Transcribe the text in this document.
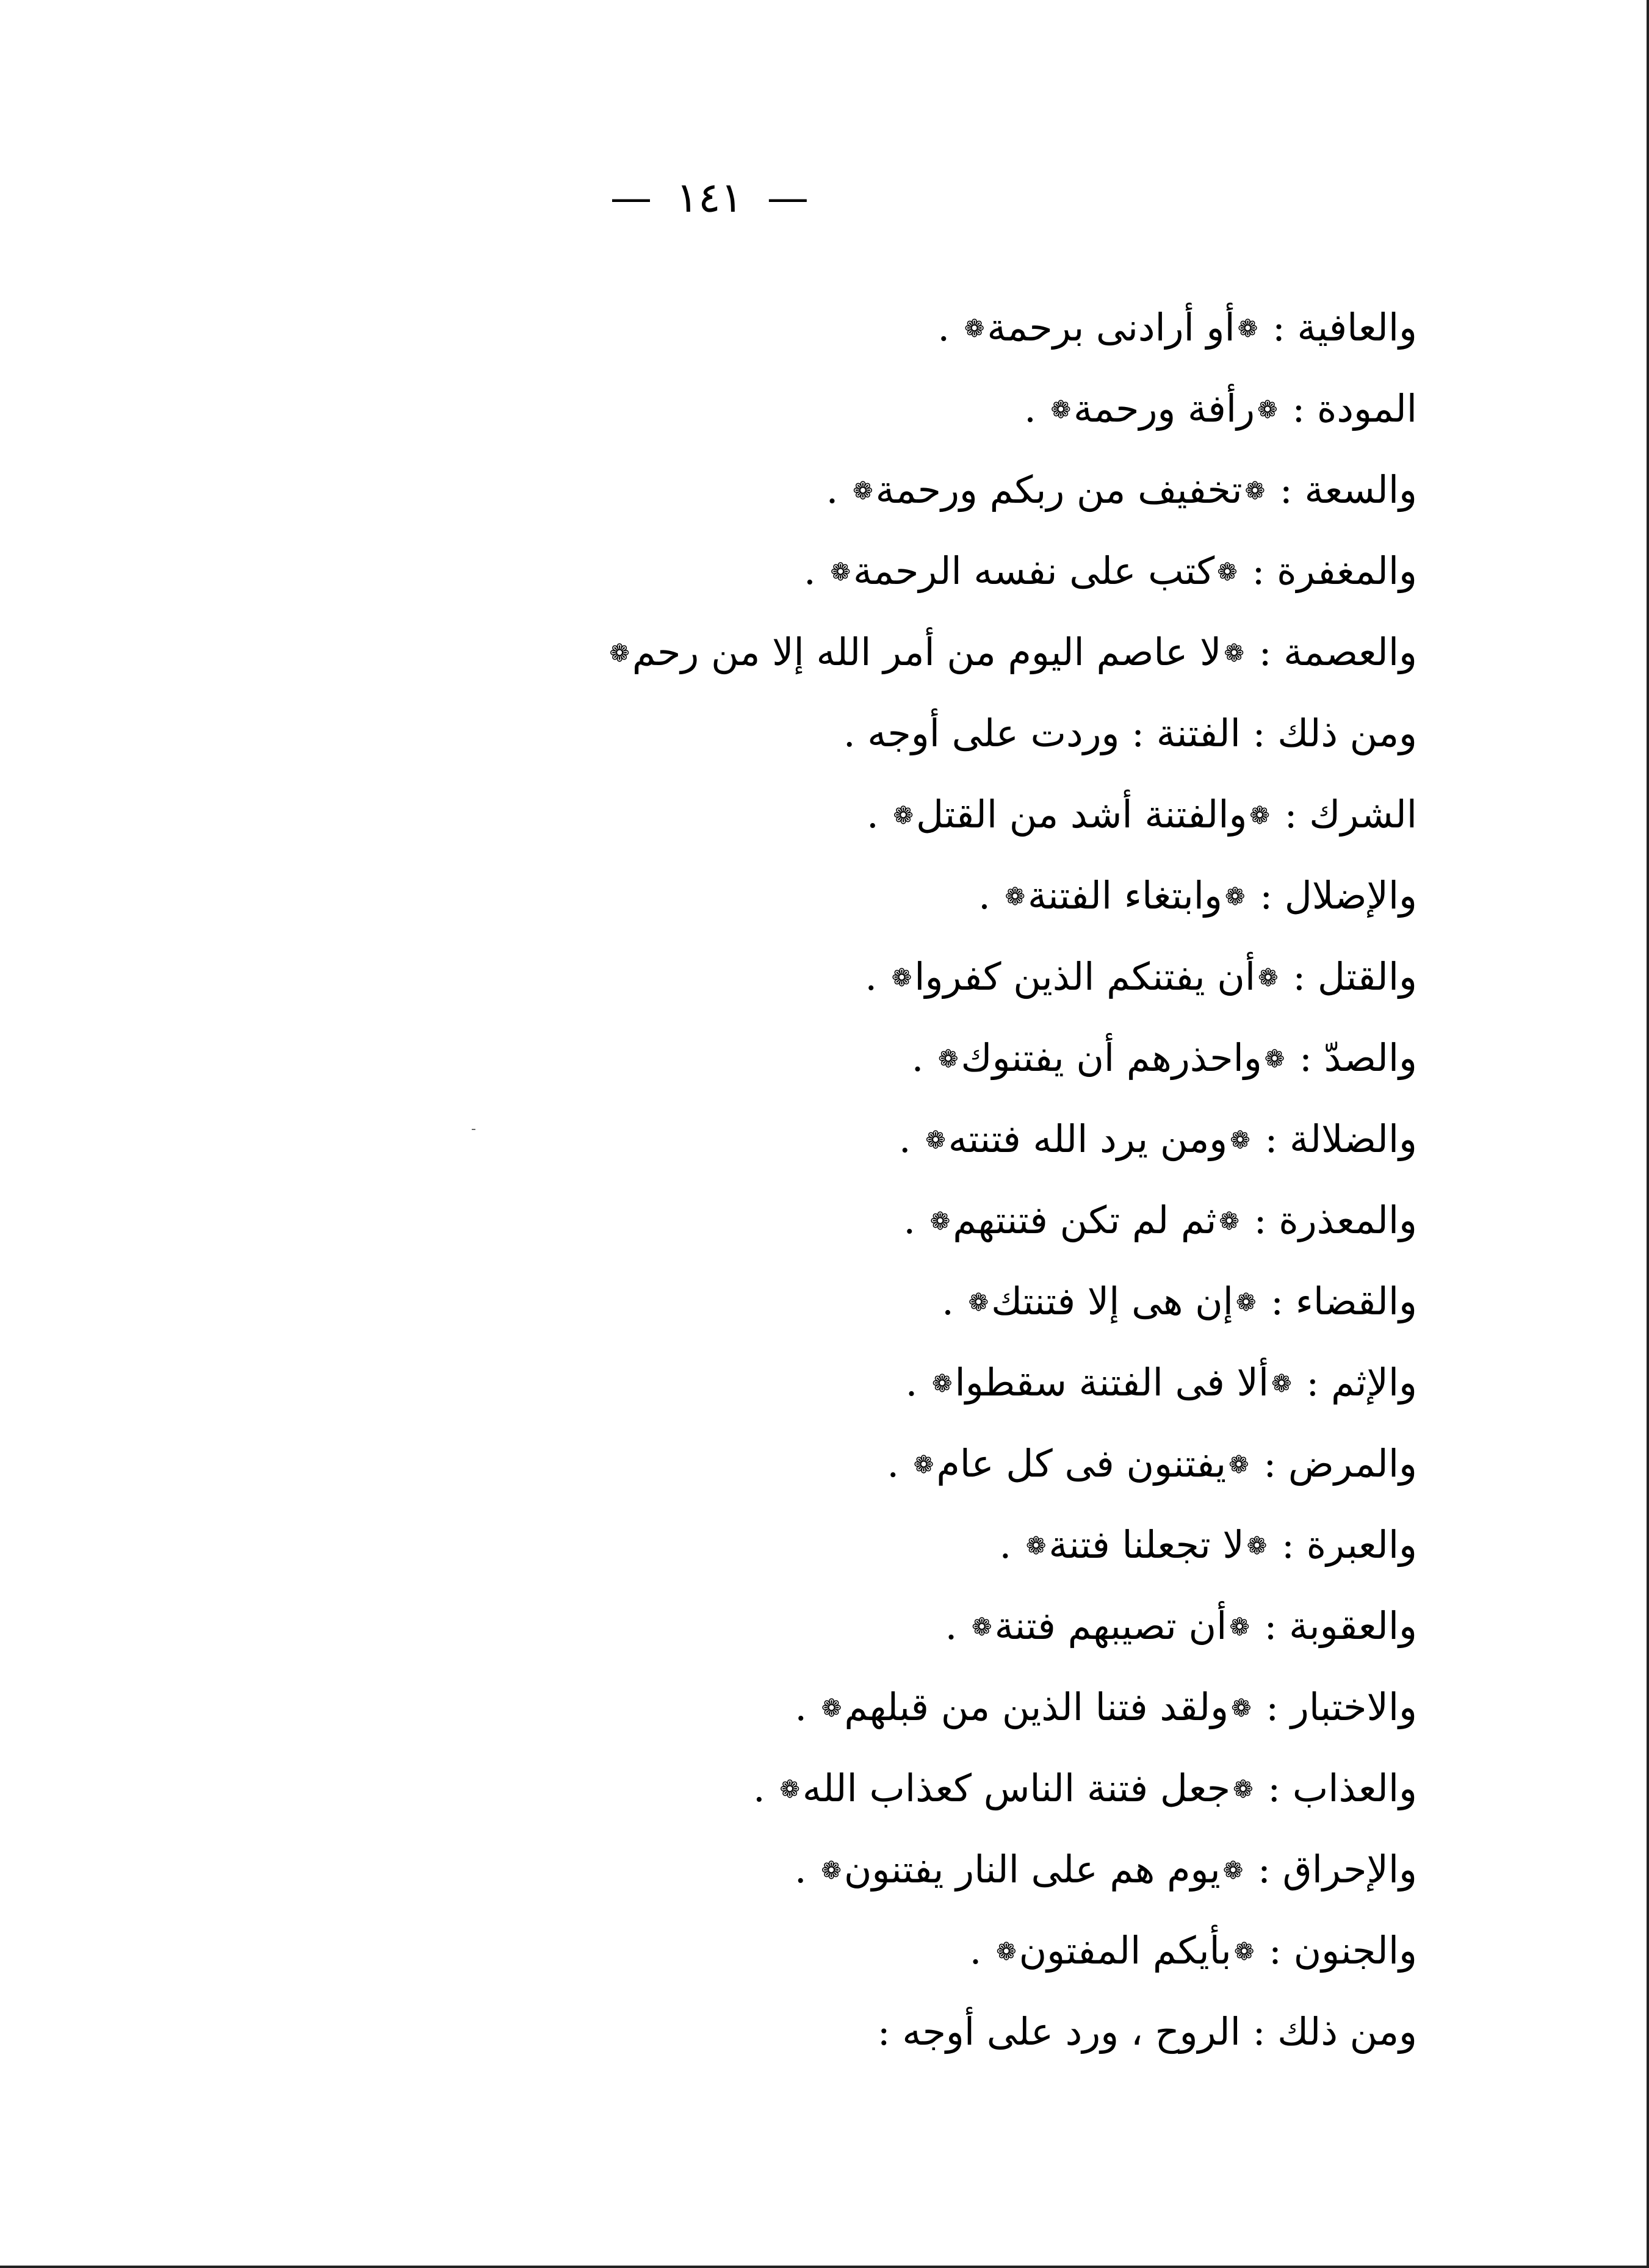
— ١٤١ —
والعافية : ❁أو أرادنى برحمة❁ .
المودة : ❁رأفة ورحمة❁ .
والسعة : ❁تخفيف من ربكم ورحمة❁ .
والمغفرة : ❁كتب على نفسه الرحمة❁ .
والعصمة : ❁لا عاصم اليوم من أمر الله إلا من رحم❁
ومن ذلك : الفتنة : وردت على أوجه .
الشرك : ❁والفتنة أشد من القتل❁ .
والإضلال : ❁وابتغاء الفتنة❁ .
والقتل : ❁أن يفتنكم الذين كفروا❁ .
والصدّ : ❁واحذرهم أن يفتنوك❁ .
والضلالة : ❁ومن يرد الله فتنته❁ .
والمعذرة : ❁ثم لم تكن فتنتهم❁ .
والقضاء : ❁إن هى إلا فتنتك❁ .
والإثم : ❁ألا فى الفتنة سقطوا❁ .
والمرض : ❁يفتنون فى كل عام❁ .
والعبرة : ❁لا تجعلنا فتنة❁ .
والعقوبة : ❁أن تصيبهم فتنة❁ .
والاختبار : ❁ولقد فتنا الذين من قبلهم❁ .
والعذاب : ❁جعل فتنة الناس كعذاب الله❁ .
والإحراق : ❁يوم هم على النار يفتنون❁ .
والجنون : ❁بأيكم المفتون❁ .
ومن ذلك : الروح ، ورد على أوجه :
